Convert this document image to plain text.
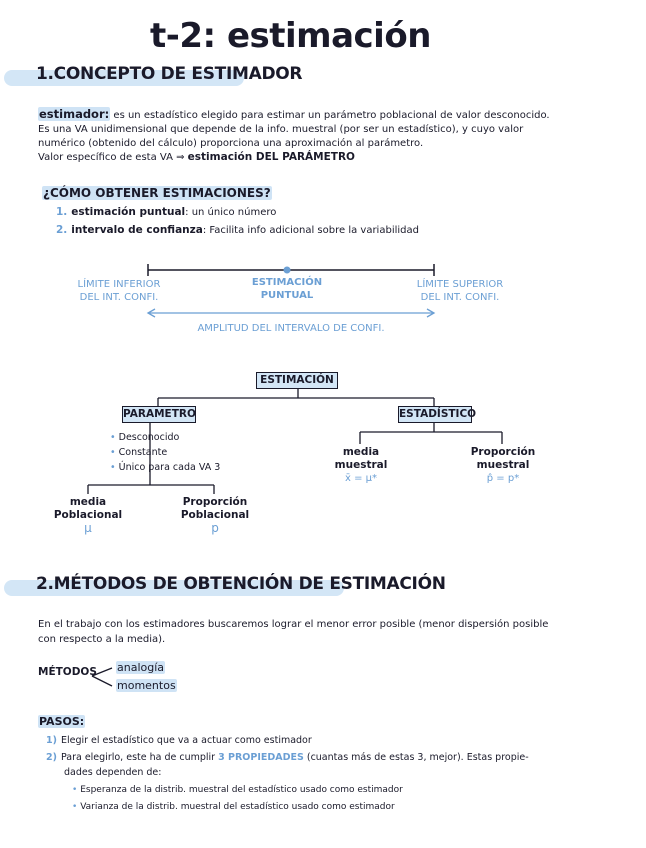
t-2: estimación
1.CONCEPTO DE ESTIMADOR
estimador: es un estadístico elegido para estimar un parámetro poblacional de valor desconocido.
Es una VA unidimensional que depende de la info. muestral (por ser un estadístico), y cuyo valor
numérico (obtenido del cálculo) proporciona una aproximación al parámetro.
Valor específico de esta VA ⇒ estimación DEL PARÁMETRO
¿CÓMO OBTENER ESTIMACIONES?
1. estimación puntual: un único número
2. intervalo de confianza: Facilita info adicional sobre la variabilidad
LÍMITE INFERIOR
DEL INT. CONFI.
ESTIMACIÓN
PUNTUAL
LÍMITE SUPERIOR
DEL INT. CONFI.
AMPLITUD DEL INTERVALO DE CONFI.
ESTIMACIÓN
PARAMETRO	ESTADÍSTICO
• Desconocido
• Constante
• Único para cada VA 3
media
Poblacional
μ
Proporción
Poblacional
p
media
muestral
x̄ = μ*
Proporción
muestral
p̂ = p*
2.MÉTODOS DE OBTENCIÓN DE ESTIMACIÓN
En el trabajo con los estimadores buscaremos lograr el menor error posible (menor dispersión posible
con respecto a la media).
MÉTODOS analogía
momentos
PASOS:
1) Elegir el estadístico que va a actuar como estimador
2) Para elegirlo, este ha de cumplir 3 PROPIEDADES (cuantas más de estas 3, mejor). Estas propie-
dades dependen de:
• Esperanza de la distrib. muestral del estadístico usado como estimador
• Varianza de la distrib. muestral del estadístico usado como estimador
